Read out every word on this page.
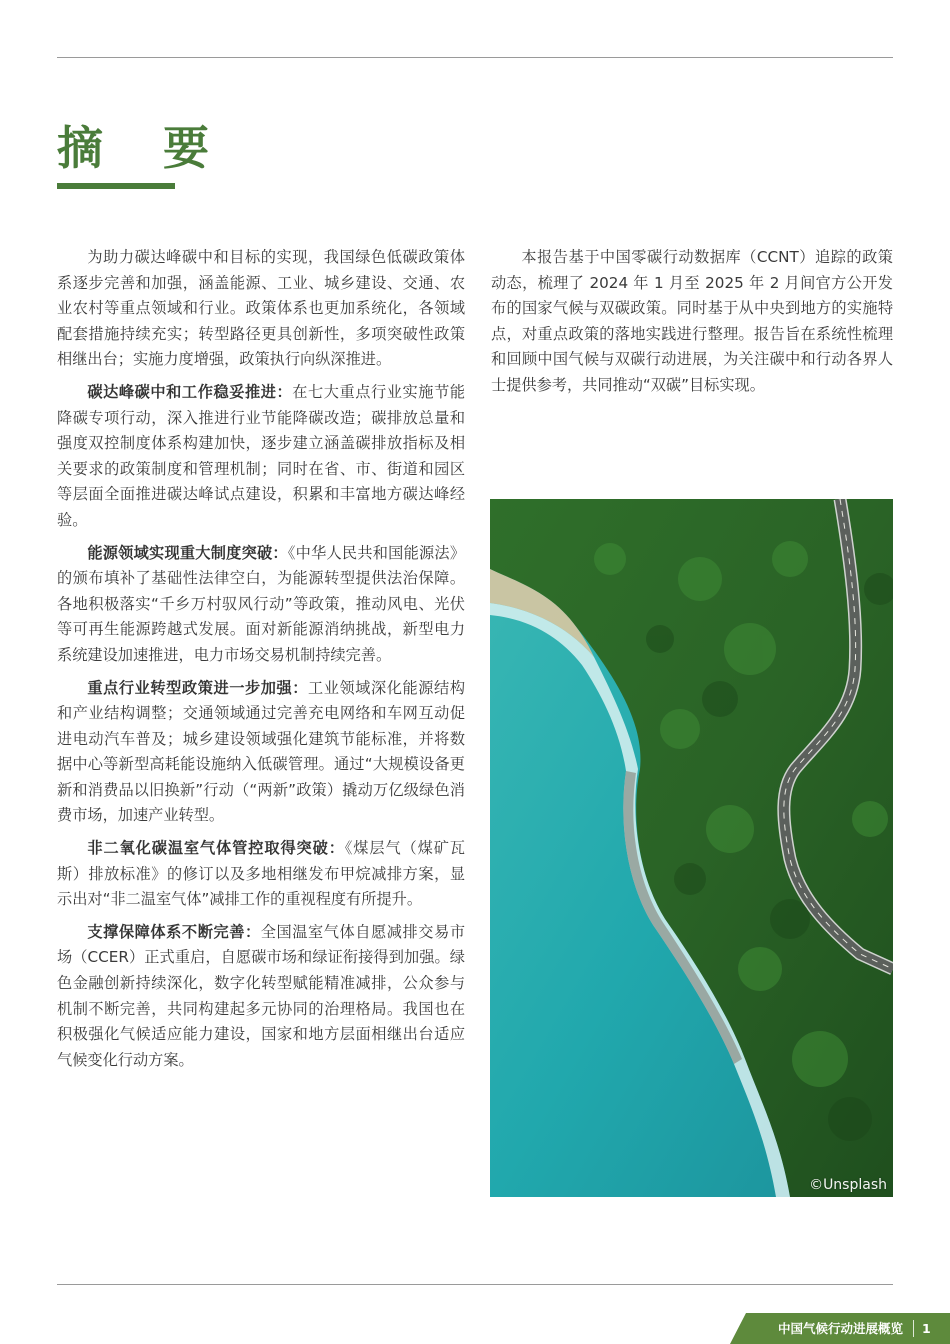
摘 要

为助力碳达峰碳中和目标的实现，我国绿色低碳政策体系逐步完善和加强，涵盖能源、工业、城乡建设、交通、农业农村等重点领域和行业。政策体系也更加系统化，各领域配套措施持续充实；转型路径更具创新性，多项突破性政策相继出台；实施力度增强，政策执行向纵深推进。

碳达峰碳中和工作稳妥推进：在七大重点行业实施节能降碳专项行动，深入推进行业节能降碳改造；碳排放总量和强度双控制度体系构建加快，逐步建立涵盖碳排放指标及相关要求的政策制度和管理机制；同时在省、市、街道和园区等层面全面推进碳达峰试点建设，积累和丰富地方碳达峰经验。

能源领域实现重大制度突破：《中华人民共和国能源法》的颁布填补了基础性法律空白，为能源转型提供法治保障。各地积极落实“千乡万村驭风行动”等政策，推动风电、光伏等可再生能源跨越式发展。面对新能源消纳挑战，新型电力系统建设加速推进，电力市场交易机制持续完善。

重点行业转型政策进一步加强：工业领域深化能源结构和产业结构调整；交通领域通过完善充电网络和车网互动促进电动汽车普及；城乡建设领域强化建筑节能标准，并将数据中心等新型高耗能设施纳入低碳管理。通过“大规模设备更新和消费品以旧换新”行动（“两新”政策）撬动万亿级绿色消费市场，加速产业转型。

非二氧化碳温室气体管控取得突破：《煤层气（煤矿瓦斯）排放标准》的修订以及多地相继发布甲烷减排方案，显示出对“非二温室气体”减排工作的重视程度有所提升。

支撑保障体系不断完善：全国温室气体自愿减排交易市场（CCER）正式重启，自愿碳市场和绿证衔接得到加强。绿色金融创新持续深化，数字化转型赋能精准减排，公众参与机制不断完善，共同构建起多元协同的治理格局。我国也在积极强化气候适应能力建设，国家和地方层面相继出台适应气候变化行动方案。

本报告基于中国零碳行动数据库（CCNT）追踪的政策动态，梳理了 2024 年 1 月至 2025 年 2 月间官方公开发布的国家气候与双碳政策。同时基于从中央到地方的实施特点，对重点政策的落地实践进行整理。报告旨在系统性梳理和回顾中国气候与双碳行动进展，为关注碳中和行动各界人士提供参考，共同推动“双碳”目标实现。

©Unsplash
中国气候行动进展概览 1
